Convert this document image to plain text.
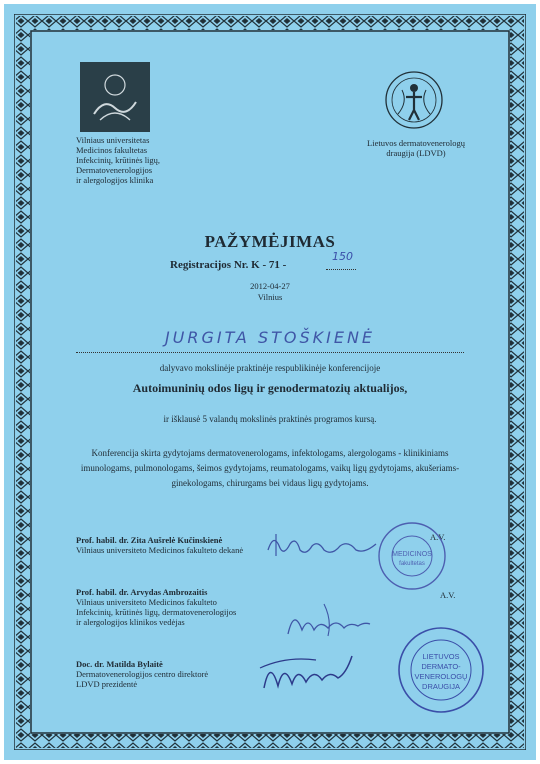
Vilniaus universitetas
Medicinos fakultetas
Infekcinių, krūtinės ligų,
Dermatovenerologijos
ir alergologijos klinika

Lietuvos dermatovenerologų
draugija (LDVD)

PAŽYMĖJIMAS
Registracijos Nr. K - 71 -
150
2012-04-27
Vilnius
JURGITA STOŠKIENĖ
dalyvavo mokslinėje praktinėje respublikinėje konferencijoje
Autoimuninių odos ligų ir genodermatozių aktualijos,
ir išklausė 5 valandų mokslinės praktinės programos kursą.

Konferencija skirta gydytojams dermatovenerologams, infektologams, alergologams - klinikiniams imunologams, pulmonologams, šeimos gydytojams, reumatologams, vaikų ligų gydytojams, akušeriams-ginekologams, chirurgams bei vidaus ligų gydytojams.

Prof. habil. dr. Zita Aušrelė Kučinskienė
Vilniaus universiteto Medicinos fakulteto dekanė

Prof. habil. dr. Arvydas Ambrozaitis
Vilniaus universiteto Medicinos fakulteto
Infekcinių, krūtinės ligų, dermatovenerologijos
ir alergologijos klinikos vedėjas

Doc. dr. Matilda Bylaitė
Dermatovenerologijos centro direktorė
LDVD prezidentė

A.V.
A.V.
MEDICINOS
fakultetas
LIETUVOS
DERMATO-
VENEROLOGŲ
DRAUGIJA
